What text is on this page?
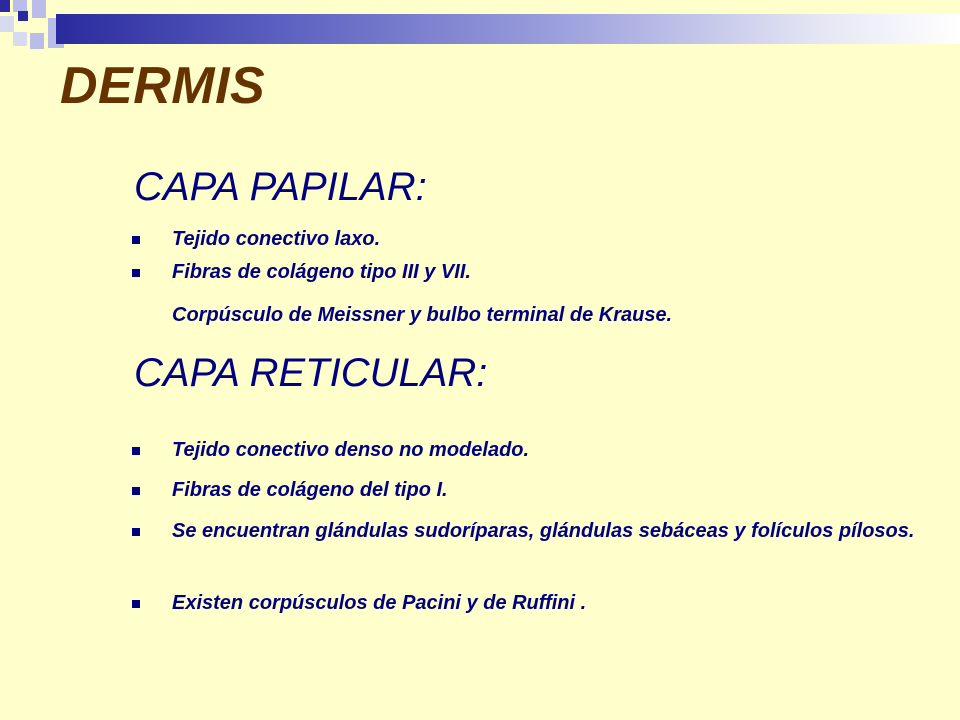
DERMIS
CAPA PAPILAR:
Tejido conectivo laxo.
Fibras de colágeno tipo III y VII.
Corpúsculo de Meissner y bulbo terminal de Krause.
CAPA RETICULAR:
Tejido conectivo denso no modelado.
Fibras de colágeno del tipo I.
Se encuentran glándulas sudoríparas, glándulas sebáceas y folículos pílosos.
Existen corpúsculos de Pacini y de Ruffini .
